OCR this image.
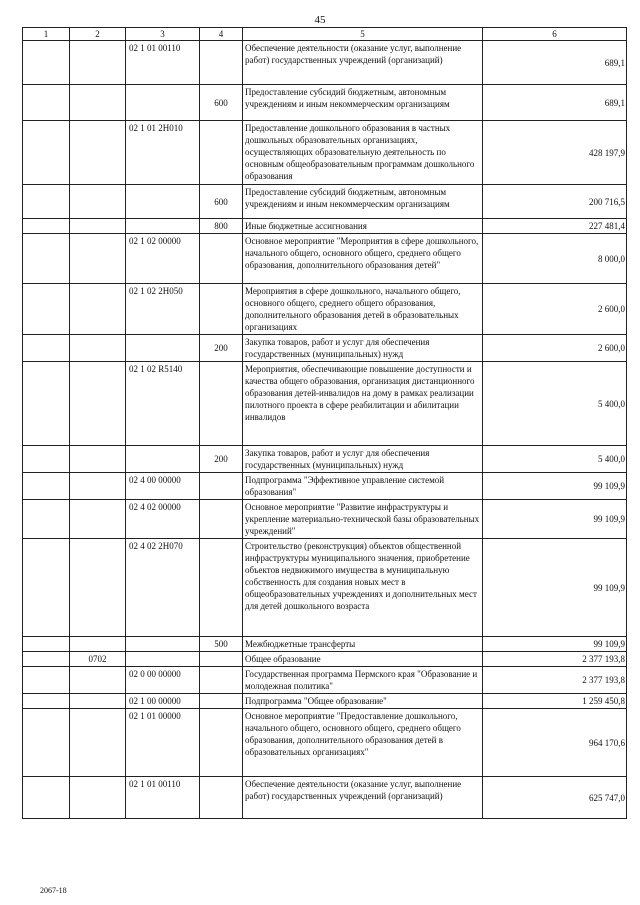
45
1	2	3	4	5	6
		02 1 01 00110		Обеспечение деятельности (оказание услуг, выполнение работ) государственных учреждений (организаций)	689,1
			600	Предоставление субсидий бюджетным, автономным учреждениям и иным некоммерческим организациям	689,1
		02 1 01 2Н010		Предоставление дошкольного образования в частных дошкольных образовательных организациях, осуществляющих образовательную деятельность по основным общеобразовательным программам дошкольного образования	428 197,9
			600	Предоставление субсидий бюджетным, автономным учреждениям и иным некоммерческим организациям	200 716,5
			800	Иные бюджетные ассигнования	227 481,4
		02 1 02 00000		Основное мероприятие "Мероприятия в сфере дошкольного, начального общего, основного общего, среднего общего образования, дополнительного образования детей"	8 000,0
		02 1 02 2Н050		Мероприятия в сфере дошкольного, начального общего, основного общего, среднего общего образования, дополнительного образования детей в образовательных организациях	2 600,0
			200	Закупка товаров, работ и услуг для обеспечения государственных (муниципальных) нужд	2 600,0
		02 1 02 R5140		Мероприятия, обеспечивающие повышение доступности и качества общего образования, организация дистанционного образования детей-инвалидов на дому в рамках реализации пилотного проекта в сфере реабилитации и абилитации инвалидов	5 400,0
			200	Закупка товаров, работ и услуг для обеспечения государственных (муниципальных) нужд	5 400,0
		02 4 00 00000		Подпрограмма "Эффективное управление системой образования"	99 109,9
		02 4 02 00000		Основное мероприятие "Развитие инфраструктуры и укрепление материально-технической базы образовательных учреждений"	99 109,9
		02 4 02 2Н070		Строительство (реконструкция) объектов общественной инфраструктуры муниципального значения, приобретение объектов недвижимого имущества в муниципальную собственность для создания новых мест в общеобразовательных учреждениях и дополнительных мест для детей дошкольного возраста	99 109,9
			500	Межбюджетные трансферты	99 109,9
	0702			Общее образование	2 377 193,8
		02 0 00 00000		Государственная программа Пермского края "Образование и молодежная политика"	2 377 193,8
		02 1 00 00000		Подпрограмма "Общее образование"	1 259 450,8
		02 1 01 00000		Основное мероприятие "Предоставление дошкольного, начального общего, основного общего, среднего общего образования, дополнительного образования детей в образовательных организациях"	964 170,6
		02 1 01 00110		Обеспечение деятельности (оказание услуг, выполнение работ) государственных учреждений (организаций)	625 747,0
2067-18
